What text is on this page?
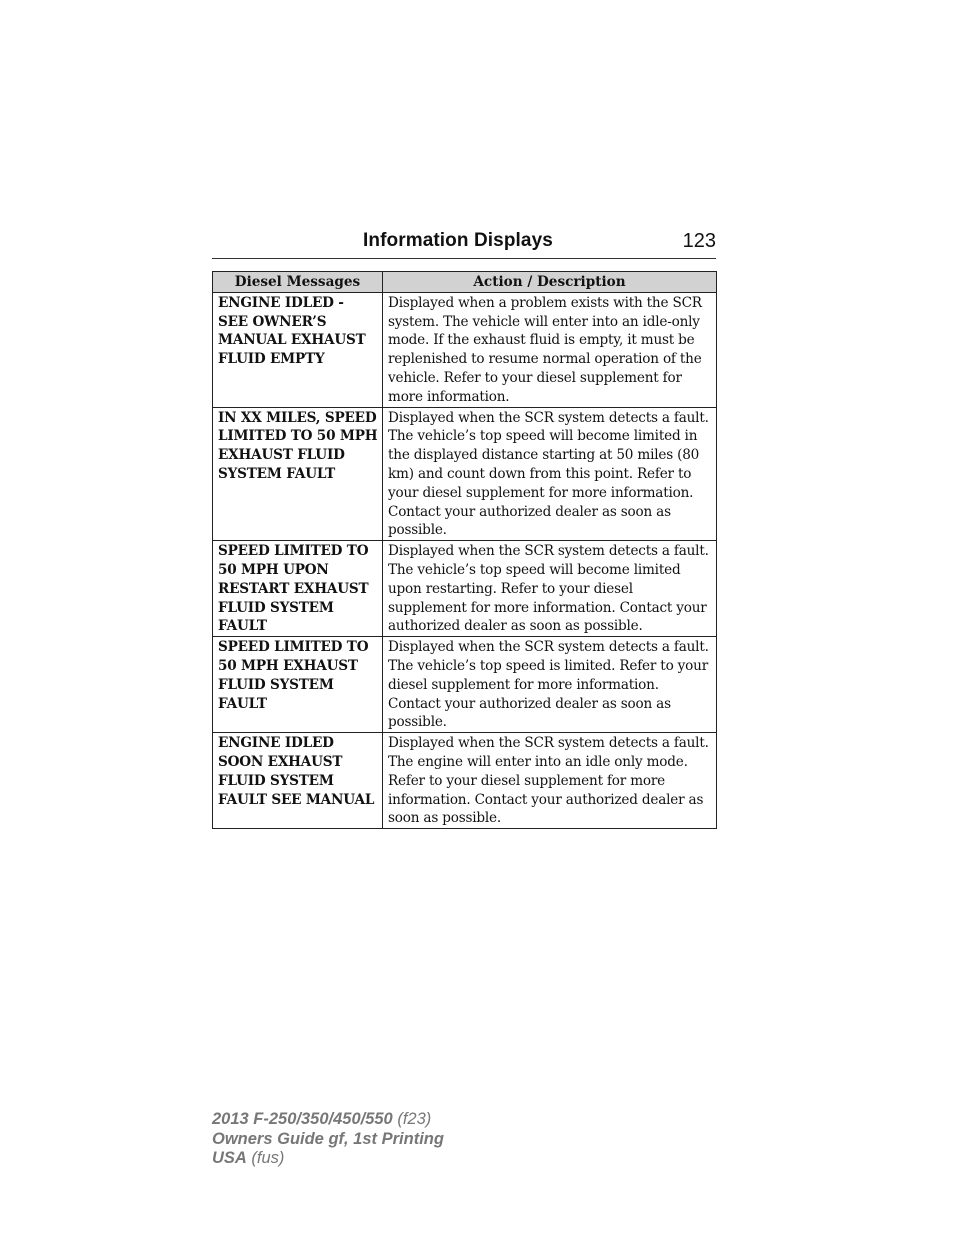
Information Displays	123
Diesel Messages	Action / Description
ENGINE IDLED - SEE OWNER’S MANUAL EXHAUST FLUID EMPTY	Displayed when a problem exists with the SCR system. The vehicle will enter into an idle-only mode. If the exhaust fluid is empty, it must be replenished to resume normal operation of the vehicle. Refer to your diesel supplement for more information.
IN XX MILES, SPEED LIMITED TO 50 MPH EXHAUST FLUID SYSTEM FAULT	Displayed when the SCR system detects a fault. The vehicle’s top speed will become limited in the displayed distance starting at 50 miles (80 km) and count down from this point. Refer to your diesel supplement for more information. Contact your authorized dealer as soon as possible.
SPEED LIMITED TO 50 MPH UPON RESTART EXHAUST FLUID SYSTEM FAULT	Displayed when the SCR system detects a fault. The vehicle’s top speed will become limited upon restarting. Refer to your diesel supplement for more information. Contact your authorized dealer as soon as possible.
SPEED LIMITED TO 50 MPH EXHAUST FLUID SYSTEM FAULT	Displayed when the SCR system detects a fault. The vehicle’s top speed is limited. Refer to your diesel supplement for more information. Contact your authorized dealer as soon as possible.
ENGINE IDLED SOON EXHAUST FLUID SYSTEM FAULT SEE MANUAL	Displayed when the SCR system detects a fault. The engine will enter into an idle only mode. Refer to your diesel supplement for more information. Contact your authorized dealer as soon as possible.
2013 F-250/350/450/550 (f23)
Owners Guide gf, 1st Printing
USA (fus)
